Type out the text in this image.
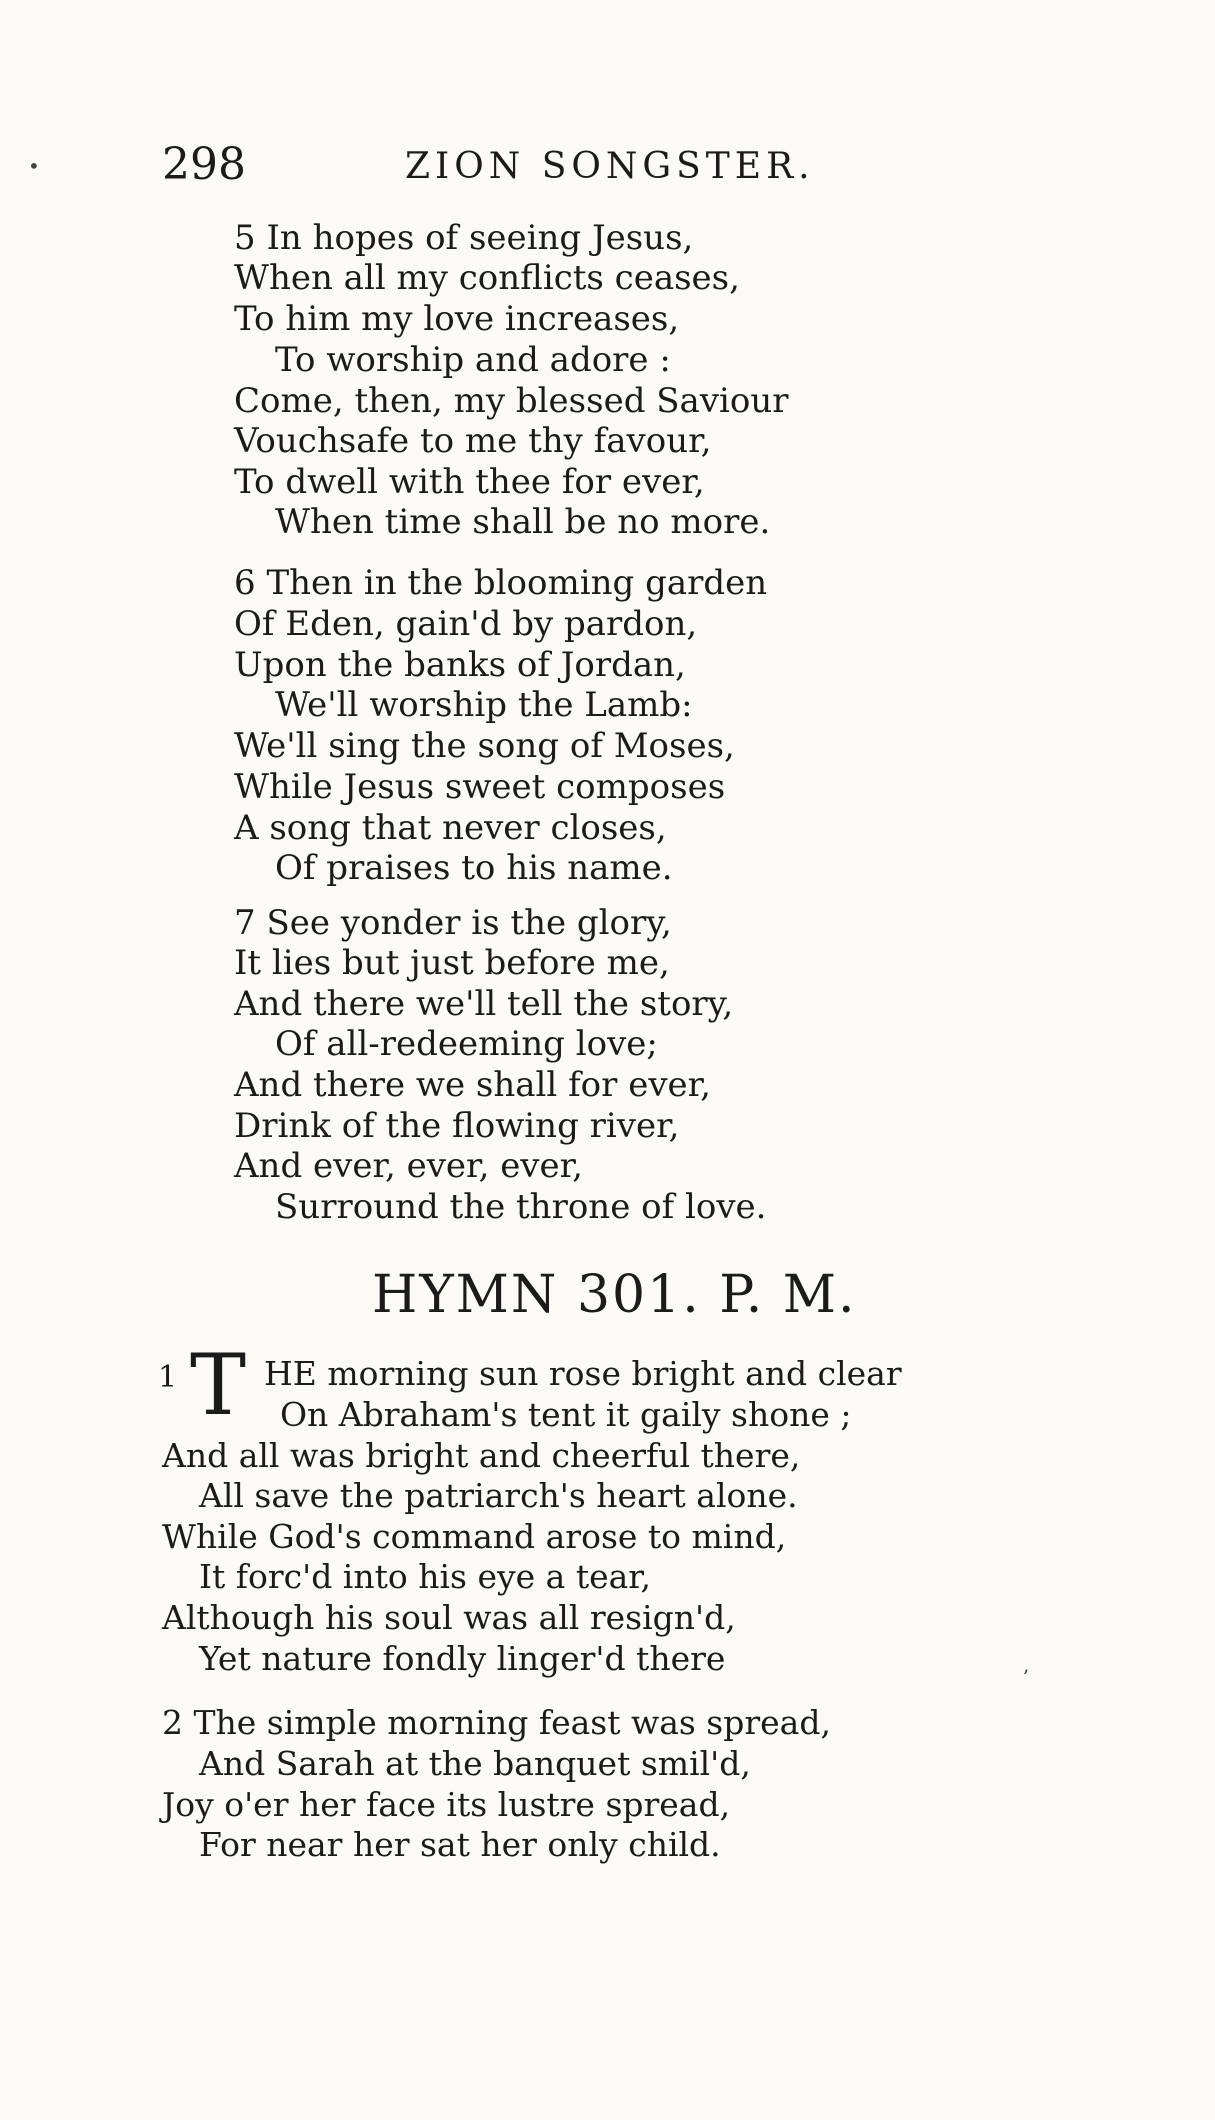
298	ZION SONGSTER.
5 In hopes of seeing Jesus,
When all my conflicts ceases,
To him my love increases,
To worship and adore :
Come, then, my blessed Saviour
Vouchsafe to me thy favour,
To dwell with thee for ever,
When time shall be no more.
6 Then in the blooming garden
Of Eden, gain'd by pardon,
Upon the banks of Jordan,
We'll worship the Lamb:
We'll sing the song of Moses,
While Jesus sweet composes
A song that never closes,
Of praises to his name.
7 See yonder is the glory,
It lies but just before me,
And there we'll tell the story,
Of all-redeeming love;
And there we shall for ever,
Drink of the flowing river,
And ever, ever, ever,
Surround the throne of love.
HYMN 301. P. M.
1 T HE morning sun rose bright and clear
On Abraham's tent it gaily shone ;
And all was bright and cheerful there,
All save the patriarch's heart alone.
While God's command arose to mind,
It forc'd into his eye a tear,
Although his soul was all resign'd,
Yet nature fondly linger'd there
2 The simple morning feast was spread,
And Sarah at the banquet smil'd,
Joy o'er her face its lustre spread,
For near her sat her only child.
•
ʼ
